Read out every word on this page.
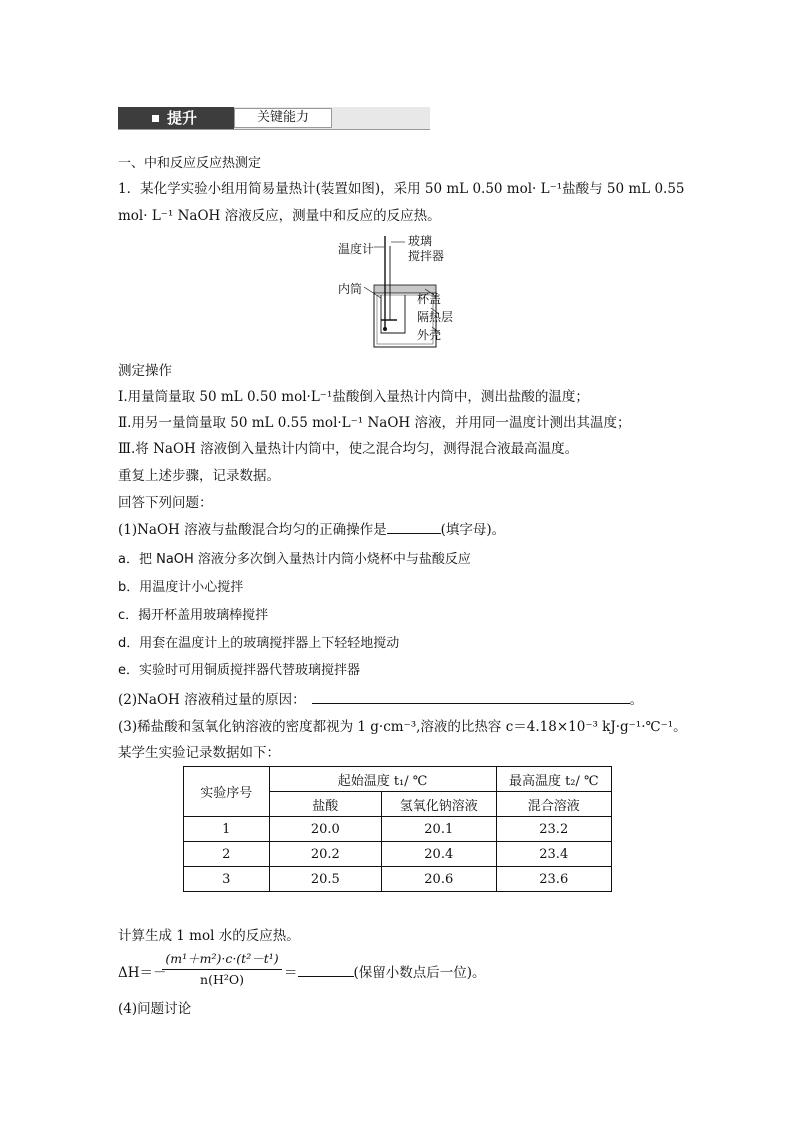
提升	关键能力
一、中和反应反应热测定
1．某化学实验小组用简易量热计(装置如图)，采用 50 mL 0.50 mol· L⁻¹盐酸与 50 mL 0.55
mol· L⁻¹ NaOH 溶液反应，测量中和反应的反应热。
温度计
玻璃
搅拌器
内筒
杯盖
隔热层
外壳
测定操作
Ⅰ.用量筒量取 50 mL 0.50 mol·L⁻¹盐酸倒入量热计内筒中，测出盐酸的温度；
Ⅱ.用另一量筒量取 50 mL 0.55 mol·L⁻¹ NaOH 溶液，并用同一温度计测出其温度；
Ⅲ.将 NaOH 溶液倒入量热计内筒中，使之混合均匀，测得混合液最高温度。
重复上述步骤，记录数据。
回答下列问题：
(1)NaOH 溶液与盐酸混合均匀的正确操作是	(填字母)。
a．把 NaOH 溶液分多次倒入量热计内筒小烧杯中与盐酸反应
b．用温度计小心搅拌
c．揭开杯盖用玻璃棒搅拌
d．用套在温度计上的玻璃搅拌器上下轻轻地搅动
e．实验时可用铜质搅拌器代替玻璃搅拌器
(2)NaOH 溶液稍过量的原因：	。
(3)稀盐酸和氢氧化钠溶液的密度都视为 1 g·cm⁻³,溶液的比热容 c＝4.18×10⁻³ kJ·g⁻¹·℃⁻¹。
某学生实验记录数据如下：
实验序号	起始温度 t₁/ ℃		最高温度 t₂/ ℃
	盐酸	氢氧化钠溶液	混合溶液
1	20.0	20.1	23.2
2	20.2	20.4	23.4
3	20.5	20.6	23.6
计算生成 1 mol 水的反应热。
ΔH＝－
(m¹＋m²)·c·(t²－t¹)
n(H²O)	＝	(保留小数点后一位)。
(4)问题讨论
